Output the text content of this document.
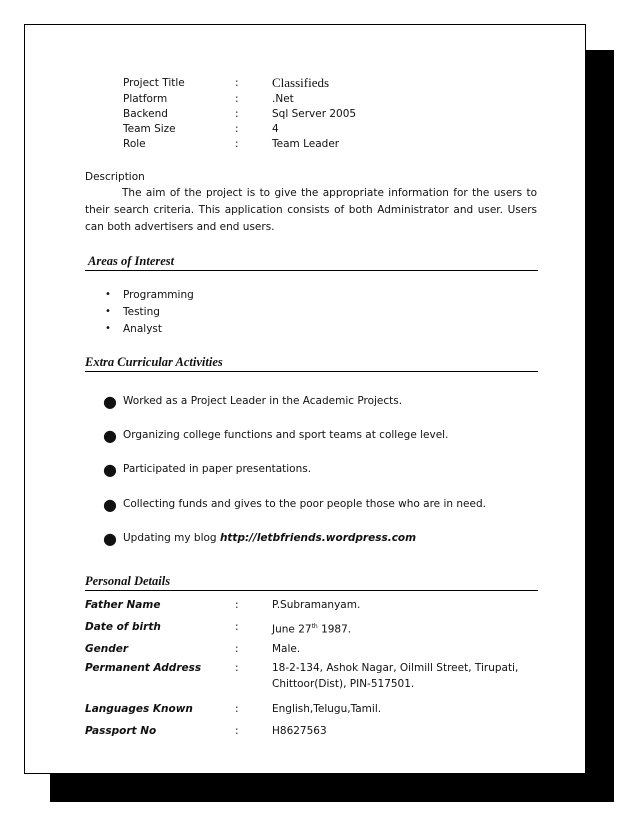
Project Title	:	Classifieds
Platform	:	.Net
Backend	:	Sql Server 2005
Team Size	:	4
Role	:	Team Leader
Description
The aim of the project is to give the appropriate information for the users to their search criteria. This application consists of both Administrator and user. Users can both advertisers and end users.
Areas of Interest
• Programming
• Testing
• Analyst
Extra Curricular Activities
● Worked as a Project Leader in the Academic Projects.
● Organizing college functions and sport teams at college level.
● Participated in paper presentations.
● Collecting funds and gives to the poor people those who are in need.
● Updating my blog http://letbfriends.wordpress.com
Personal Details
Father Name	:	P.Subramanyam.
Date of birth	:	June 27th 1987.
Gender	:	Male.
Permanent Address	:	18-2-134, Ashok Nagar, Oilmill Street, Tirupati,
Chittoor(Dist), PIN-517501.
Languages Known	:	English,Telugu,Tamil.
Passport No	:	H8627563
